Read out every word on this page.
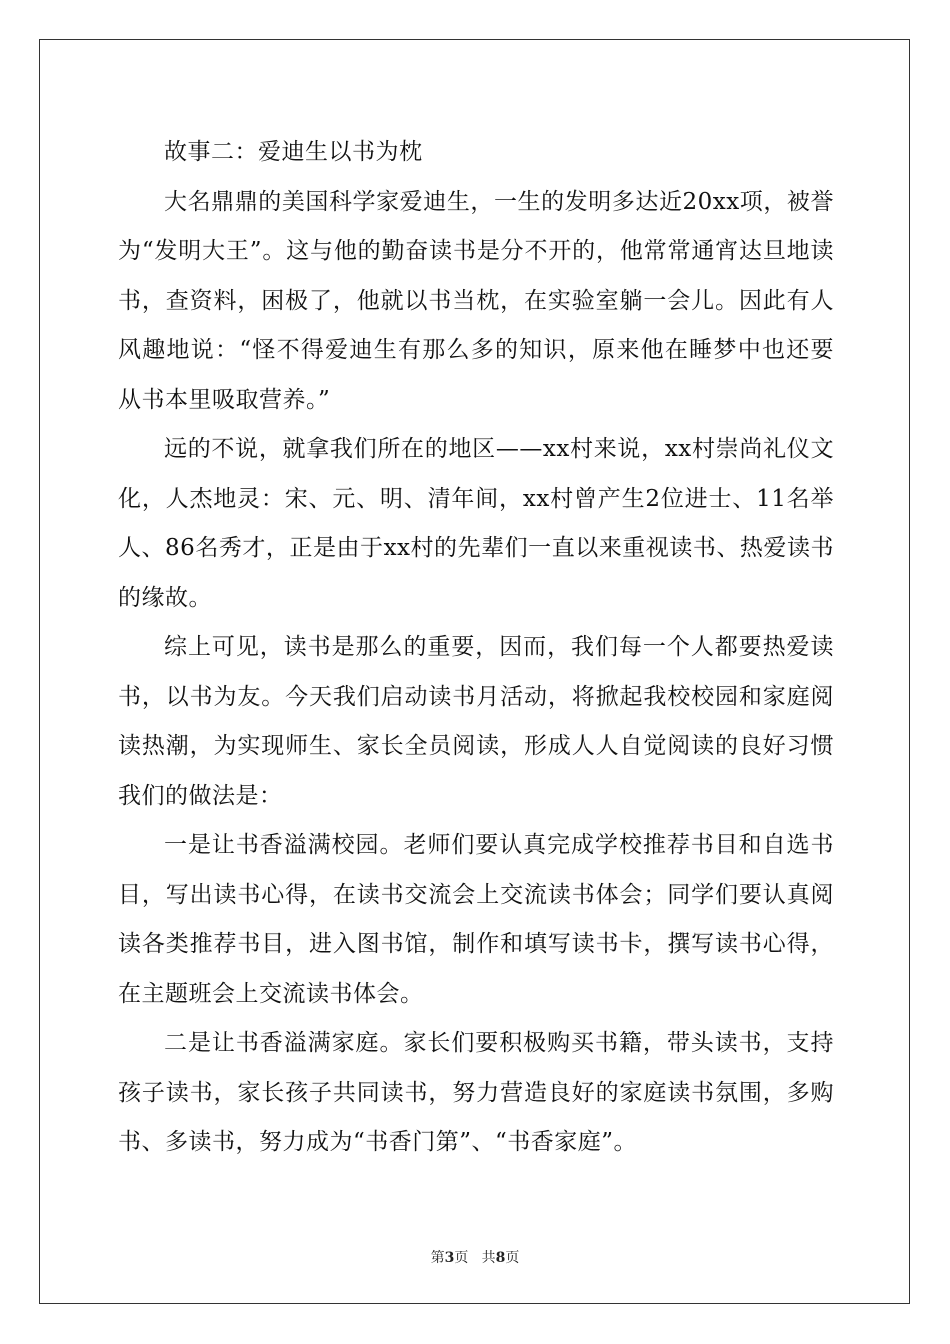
故事二：爱迪生以书为枕

大名鼎鼎的美国科学家爱迪生，一生的发明多达近20xx项，被誉为“发明大王”。这与他的勤奋读书是分不开的，他常常通宵达旦地读书，查资料，困极了，他就以书当枕，在实验室躺一会儿。因此有人风趣地说：“怪不得爱迪生有那么多的知识，原来他在睡梦中也还要从书本里吸取营养。”

远的不说，就拿我们所在的地区——xx村来说，xx村崇尚礼仪文化，人杰地灵：宋、元、明、清年间，xx村曾产生2位进士、11名举人、86名秀才，正是由于xx村的先辈们一直以来重视读书、热爱读书的缘故。

综上可见，读书是那么的重要，因而，我们每一个人都要热爱读书，以书为友。今天我们启动读书月活动，将掀起我校校园和家庭阅读热潮，为实现师生、家长全员阅读，形成人人自觉阅读的良好习惯我们的做法是：

一是让书香溢满校园。老师们要认真完成学校推荐书目和自选书目，写出读书心得，在读书交流会上交流读书体会；同学们要认真阅读各类推荐书目，进入图书馆，制作和填写读书卡，撰写读书心得，在主题班会上交流读书体会。

二是让书香溢满家庭。家长们要积极购买书籍，带头读书，支持孩子读书，家长孩子共同读书，努力营造良好的家庭读书氛围，多购书、多读书，努力成为“书香门第”、“书香家庭”。

第3页 共8页
